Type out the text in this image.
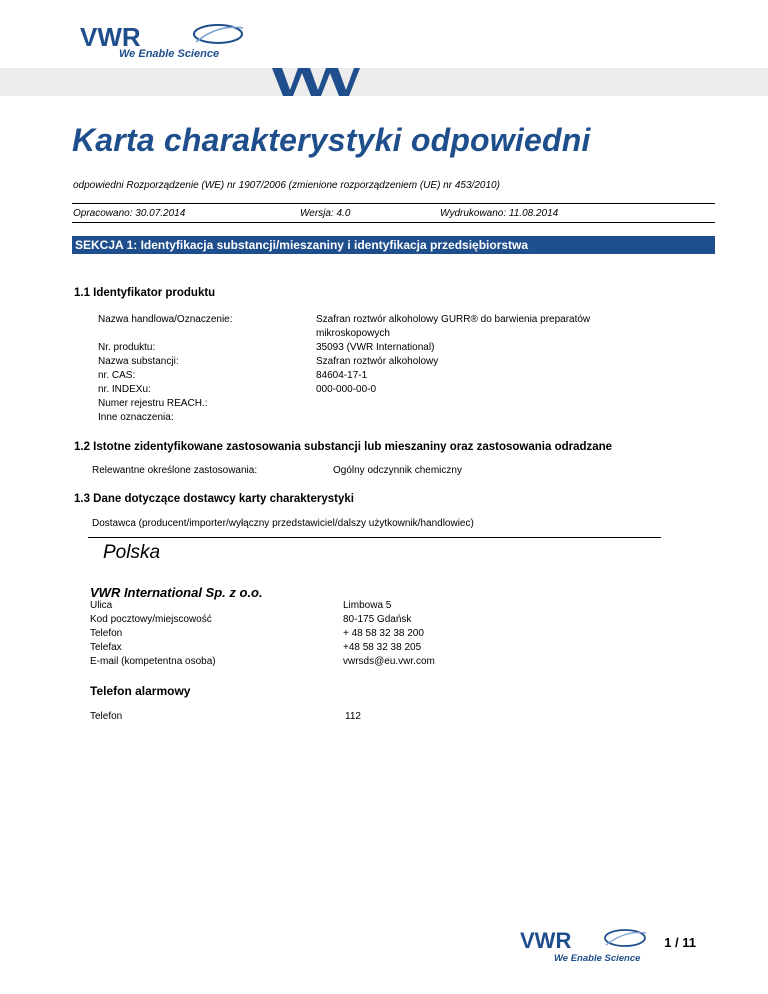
VWR
We Enable Science
Karta charakterystyki odpowiedni
odpowiedni Rozporządzenie (WE) nr 1907/2006 (zmienione rozporządzeniem (UE) nr 453/2010)
Opracowano: 30.07.2014	Wersja: 4.0	Wydrukowano: 11.08.2014
SEKCJA 1: Identyfikacja substancji/mieszaniny i identyfikacja przedsiębiorstwa
1.1 Identyfikator produktu
Nazwa handlowa/Oznaczenie:	Szafran roztwór alkoholowy GURR® do barwienia preparatów
mikroskopowych
Nr. produktu:	35093 (VWR International)
Nazwa substancji:	Szafran roztwór alkoholowy
nr. CAS:	84604-17-1
nr. INDEXu:	000-000-00-0
Numer rejestru REACH.:
Inne oznaczenia:
1.2 Istotne zidentyfikowane zastosowania substancji lub mieszaniny oraz zastosowania odradzane
Relewantne określone zastosowania:	Ogólny odczynnik chemiczny
1.3 Dane dotyczące dostawcy karty charakterystyki
Dostawca (producent/importer/wyłączny przedstawiciel/dalszy użytkownik/handlowiec)
Polska
VWR International Sp. z o.o.
Ulica	Limbowa 5
Kod pocztowy/miejscowość	80-175 Gdańsk
Telefon	+ 48 58 32 38 200
Telefax	+48 58 32 38 205
E-mail (kompetentna osoba)	vwrsds@eu.vwr.com
Telefon alarmowy
Telefon	112
VWR
We Enable Science
1 / 11
